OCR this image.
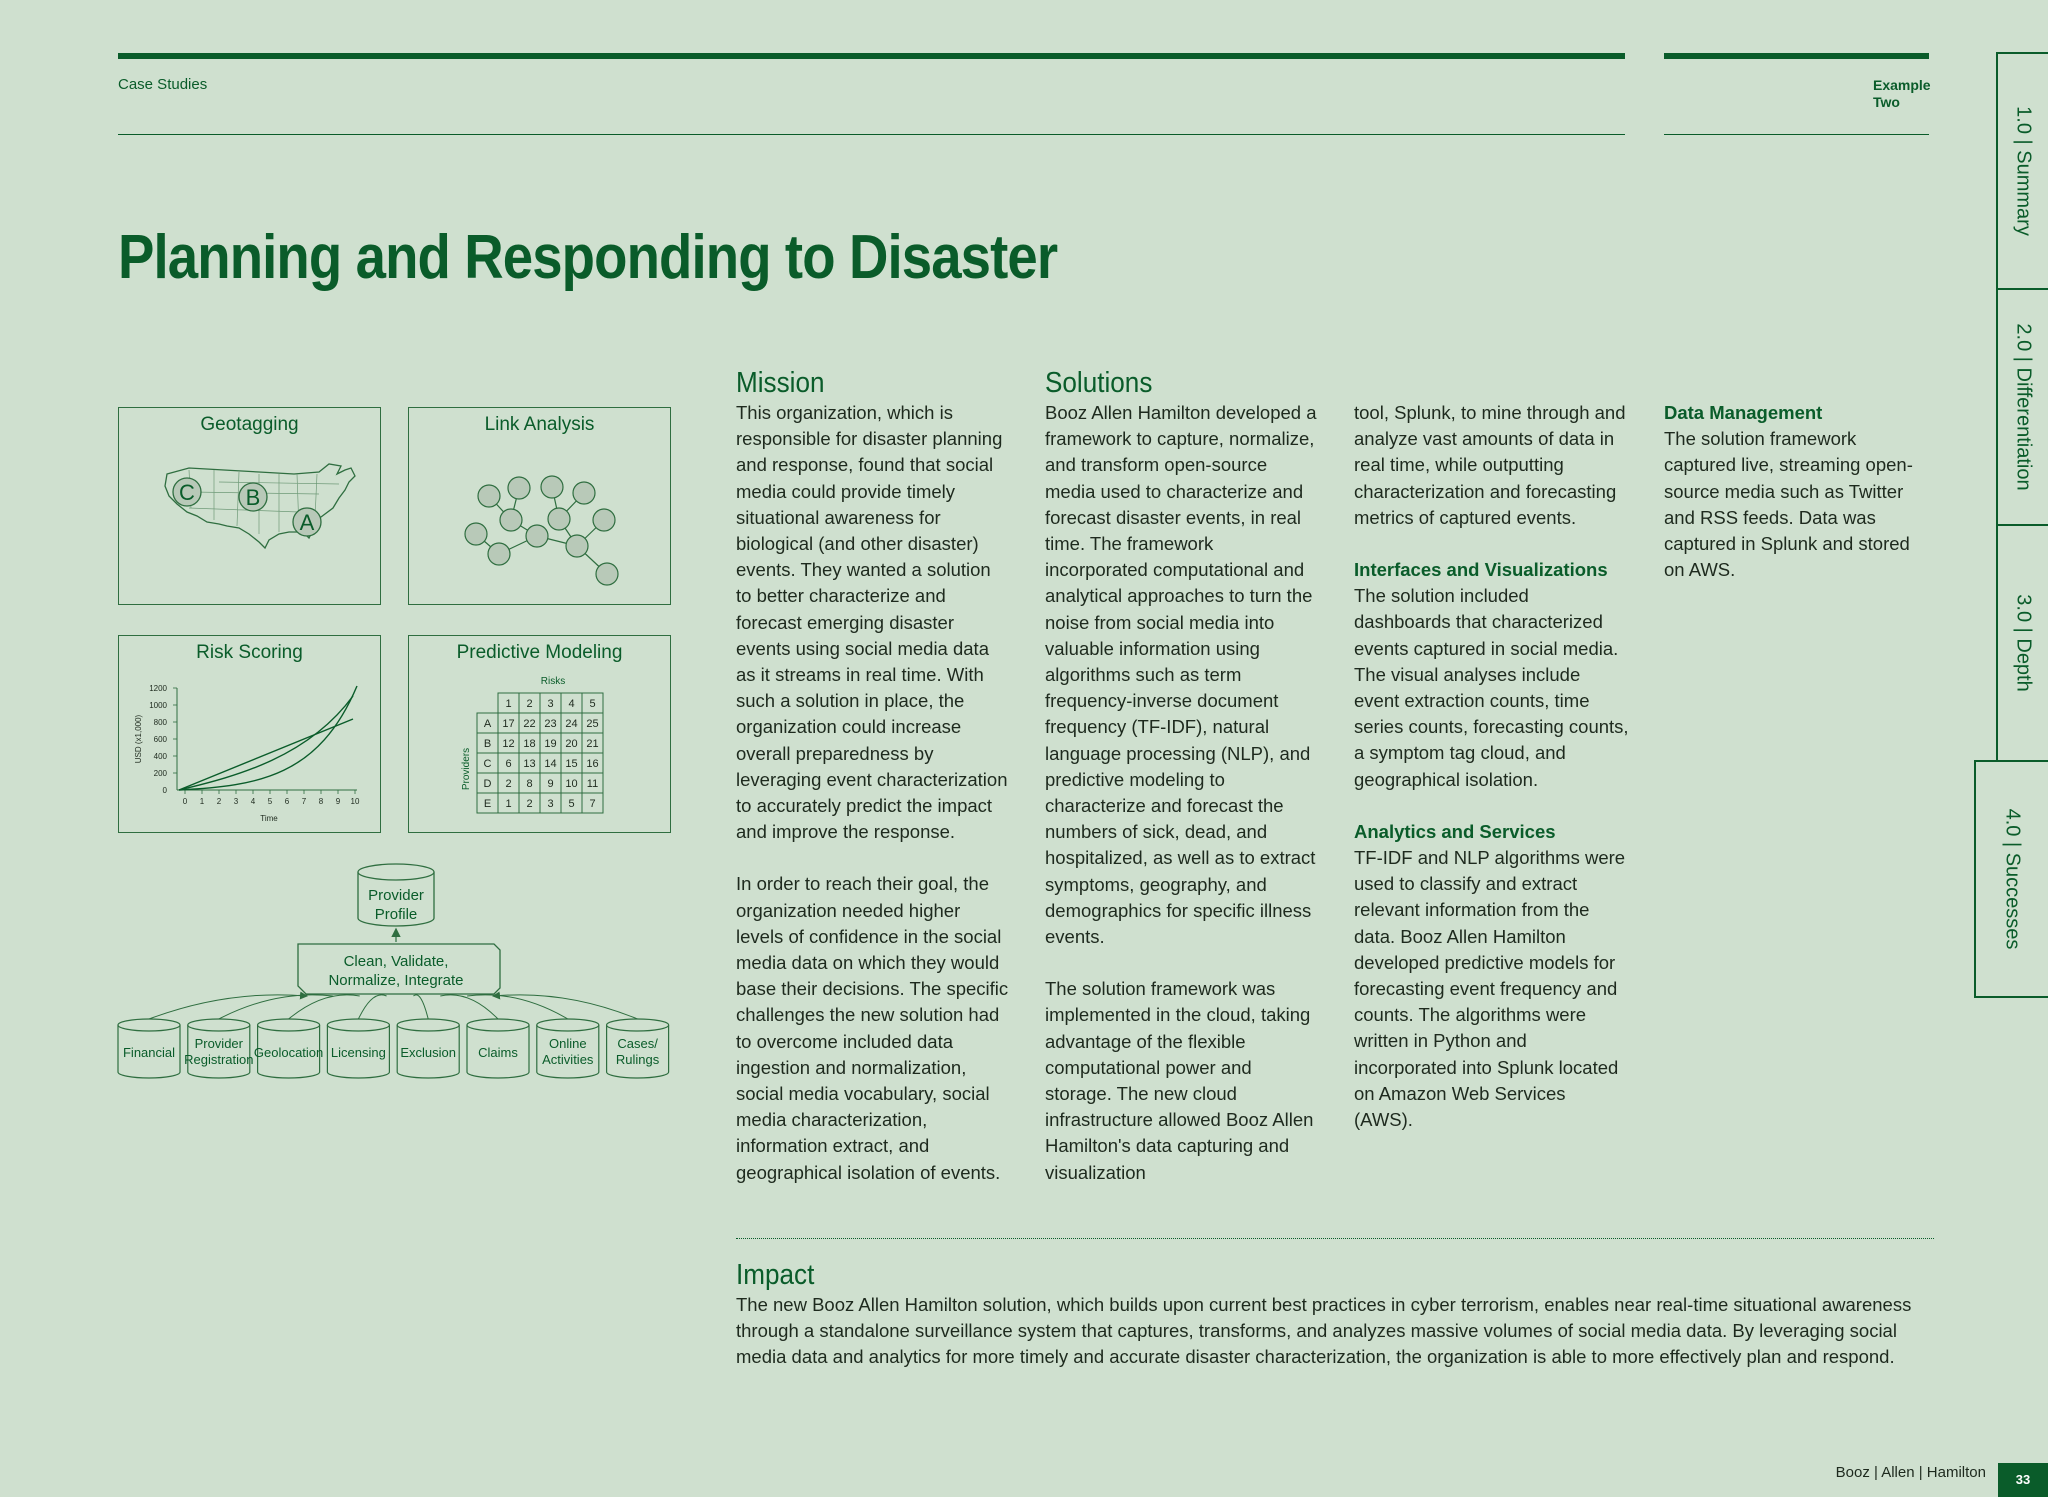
Case Studies	Example
Two
Planning and Responding to Disaster
1.0 | Summary
2.0 | Differentiation
3.0 | Depth
4.0 | Successes
Geotagging
C B
A
Link Analysis
Risk Scoring
1200
1000
800
600
400
200
0
0 1 2 3 4 5 6 7 8 9 10
Time
USD (x1,000)
Predictive Modeling
Risks
Providers
1 2 3 4 5
A 17 22 23 24 25
B 12 18 19 20 21
C 6 13 14 15 16
D 2 8 9 10 11
E 1 2 3 5 7
Provider
Profile
Clean, Validate,
Normalize, Integrate
Financial
Provider
Registration Geolocation Licensing Exclusion Claims
Online
Activities
Cases/
Rulings
Mission

This organization, which is responsible for disaster planning and response, found that social media could provide timely situational awareness for biological (and other disaster) events. They wanted a solution to better characterize and forecast emerging disaster events using social media data as it streams in real time. With such a solution in place, the organization could increase overall preparedness by leveraging event characterization to accurately predict the impact and improve the response.

In order to reach their goal, the organization needed higher levels of confidence in the social media data on which they would base their decisions. The specific challenges the new solution had to overcome included data ingestion and normalization, social media vocabulary, social media characterization, information extract, and geographical isolation of events.

Solutions

Booz Allen Hamilton developed a framework to capture, normalize, and transform open-source media used to characterize and forecast disaster events, in real time. The framework incorporated computational and analytical approaches to turn the noise from social media into valuable information using algorithms such as term frequency-inverse document frequency (TF-IDF), natural language processing (NLP), and predictive modeling to characterize and forecast the numbers of sick, dead, and hospitalized, as well as to extract symptoms, geography, and demographics for specific illness events.

The solution framework was implemented in the cloud, taking advantage of the flexible computational power and storage. The new cloud infrastructure allowed Booz Allen Hamilton's data capturing and visualization

tool, Splunk, to mine through and analyze vast amounts of data in real time, while outputting characterization and forecasting metrics of captured events.

Interfaces and Visualizations
The solution included dashboards that characterized events captured in social media. The visual analyses include event extraction counts, time series counts, forecasting counts, a symptom tag cloud, and geographical isolation.

Analytics and Services
TF-IDF and NLP algorithms were used to classify and extract relevant information from the data. Booz Allen Hamilton developed predictive models for forecasting event frequency and counts. The algorithms were written in Python and incorporated into Splunk located on Amazon Web Services (AWS).

Data Management
The solution framework captured live, streaming open-source media such as Twitter and RSS feeds. Data was captured in Splunk and stored on AWS.

Impact
The new Booz Allen Hamilton solution, which builds upon current best practices in cyber terrorism, enables near real-time situational awareness through a standalone surveillance system that captures, transforms, and analyzes massive volumes of social media data. By leveraging social media data and analytics for more timely and accurate disaster characterization, the organization is able to more effectively plan and respond.
Booz | Allen | Hamilton	33
